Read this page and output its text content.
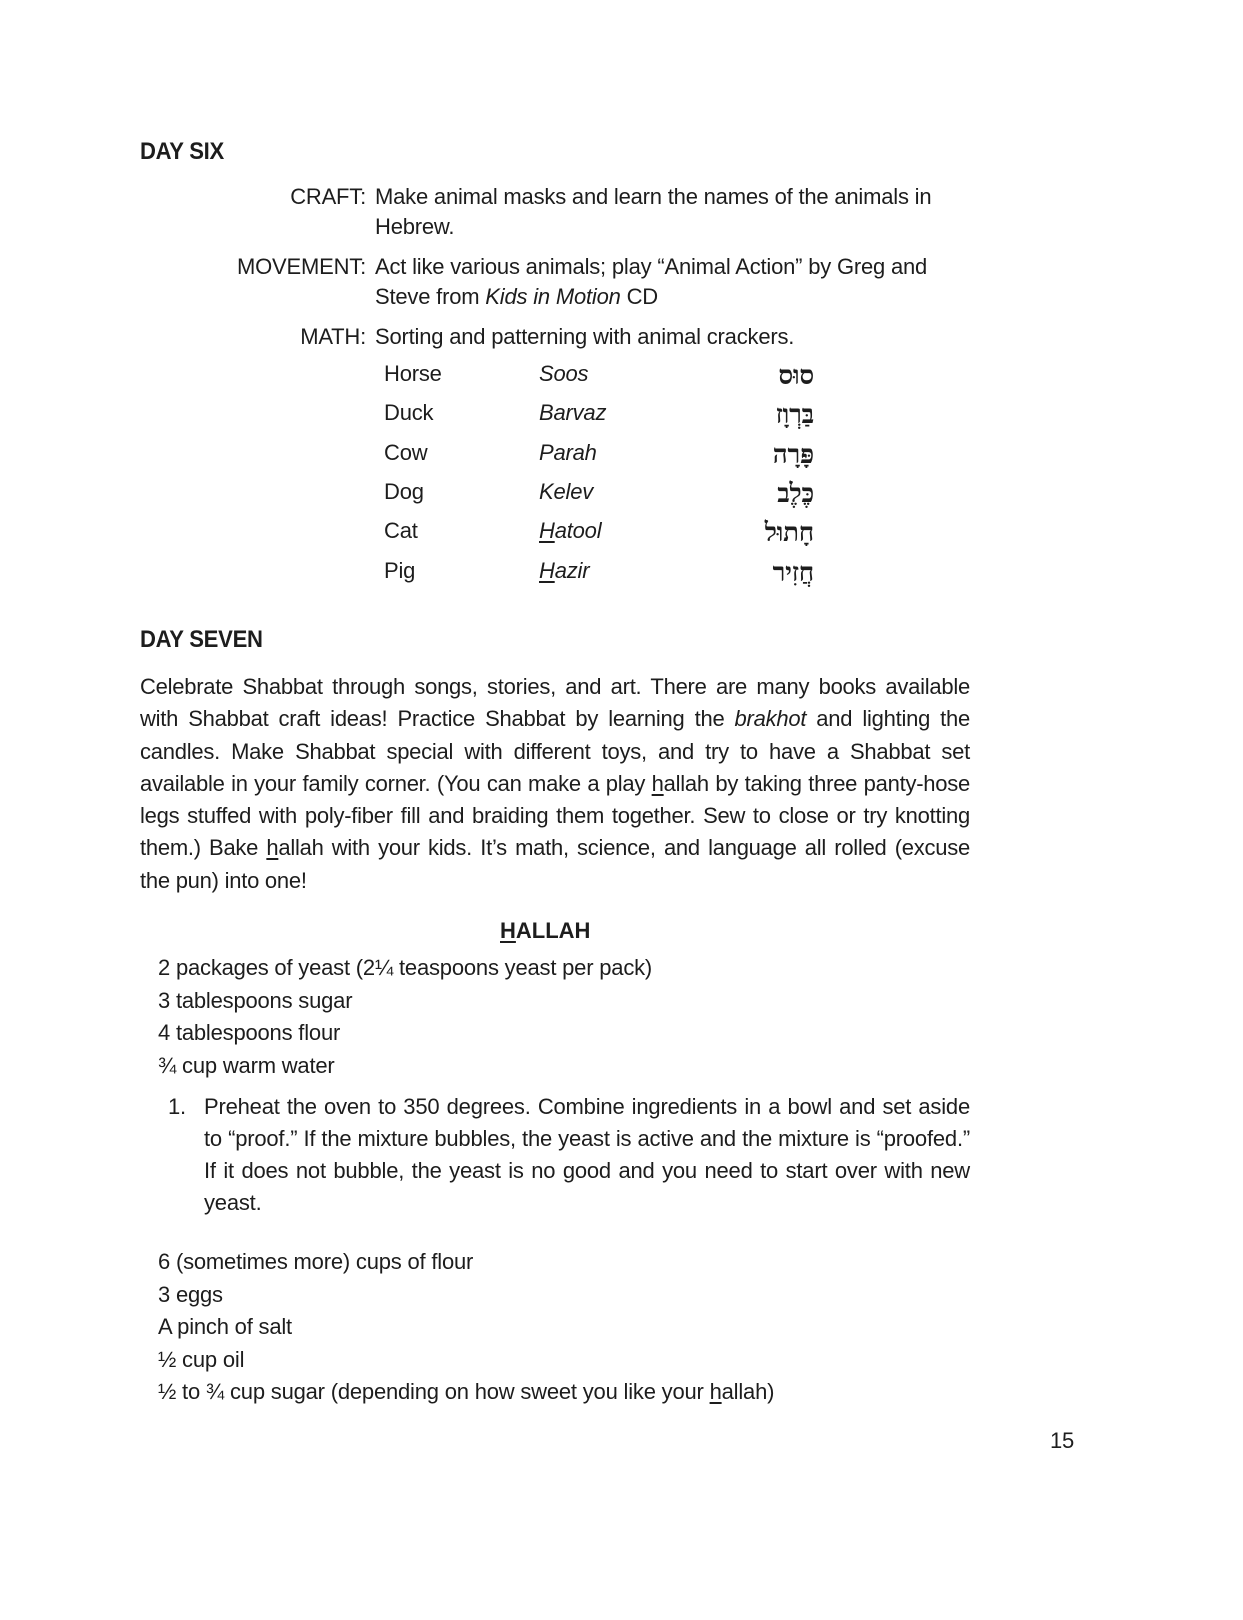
DAY SIX
CRAFT: Make animal masks and learn the names of the animals in Hebrew.
MOVEMENT: Act like various animals; play “Animal Action” by Greg and Steve from Kids in Motion CD
MATH: Sorting and patterning with animal crackers.
Horse	Soos	סוּס
Duck	Barvaz	בַּרְוָז
Cow	Parah	פָּרָה
Dog	Kelev	כֶּלֶב
Cat	Hatool	חָתוּל
Pig	Hazir	חֲזִיר
DAY SEVEN
Celebrate Shabbat through songs, stories, and art. There are many books available with Shabbat craft ideas! Practice Shabbat by learning the brakhot and lighting the candles. Make Shabbat special with different toys, and try to have a Shabbat set available in your family corner. (You can make a play hallah by taking three panty-hose legs stuffed with poly-fiber fill and braiding them together. Sew to close or try knotting them.) Bake hallah with your kids. It’s math, science, and language all rolled (excuse the pun) into one!
HALLAH
2 packages of yeast (2¼ teaspoons yeast per pack)
3 tablespoons sugar
4 tablespoons flour
¾ cup warm water
1. Preheat the oven to 350 degrees. Combine ingredients in a bowl and set aside to “proof.” If the mixture bubbles, the yeast is active and the mixture is “proofed.” If it does not bubble, the yeast is no good and you need to start over with new yeast.
6 (sometimes more) cups of flour
3 eggs
A pinch of salt
½ cup oil
½ to ¾ cup sugar (depending on how sweet you like your hallah)
15
